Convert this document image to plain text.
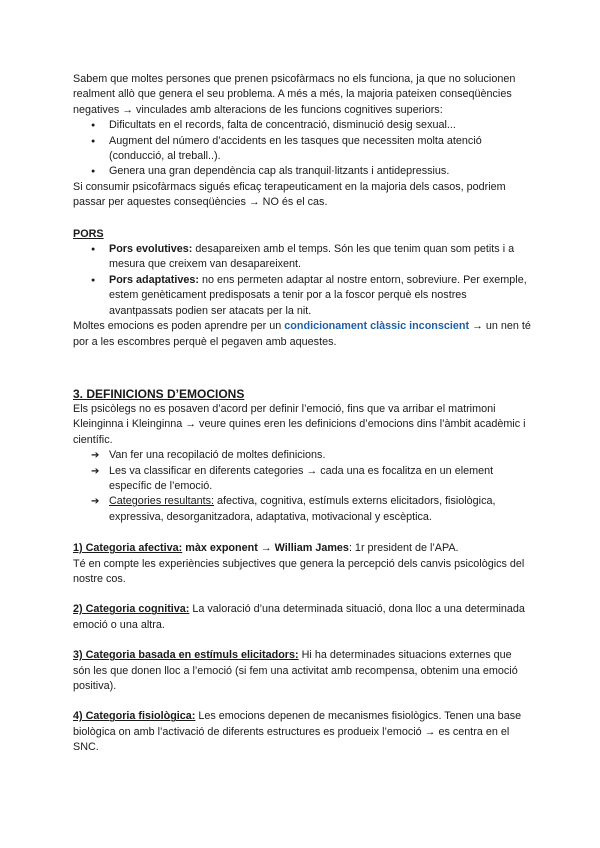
Sabem que moltes persones que prenen psicofàrmacs no els funciona, ja que no solucionen realment allò que genera el seu problema. A més a més, la majoria pateixen conseqüències negatives → vinculades amb alteracions de les funcions cognitives superiors:

● Dificultats en el records, falta de concentració, disminució desig sexual...
● Augment del número d’accidents en les tasques que necessiten molta atenció (conducció, al treball..).
● Genera una gran dependència cap als tranquil·litzants i antidepressius.

Si consumir psicofàrmacs sigués eficaç terapeuticament en la majoria dels casos, podriem passar per aquestes conseqüències → NO és el cas.

PORS

● Pors evolutives: desapareixen amb el temps. Són les que tenim quan som petits i a mesura que creixem van desapareixent.
● Pors adaptatives: no ens permeten adaptar al nostre entorn, sobreviure. Per exemple, estem genèticament predisposats a tenir por a la foscor perquè els nostres avantpassats podien ser atacats per la nit.

Moltes emocions es poden aprendre per un condicionament clàssic inconscient → un nen té por a les escombres perquè el pegaven amb aquestes.

3. DEFINICIONS D’EMOCIONS

Els psicòlegs no es posaven d’acord per definir l’emoció, fins que va arribar el matrimoni Kleinginna i Kleinginna → veure quines eren les definicions d’emocions dins l’àmbit acadèmic i científic.

➔ Van fer una recopilació de moltes definicions.
➔ Les va classificar en diferents categories → cada una es focalitza en un element específic de l’emoció.
➔ Categories resultants: afectiva, cognitiva, estímuls externs elicitadors, fisiològica, expressiva, desorganitzadora, adaptativa, motivacional y escèptica.

1) Categoria afectiva: màx exponent → William James: 1r president de l’APA.

Té en compte les experiències subjectives que genera la percepció dels canvis psicològics del nostre cos.

2) Categoria cognitiva: La valoració d’una determinada situació, dona lloc a una determinada emoció o una altra.

3) Categoria basada en estímuls elicitadors: Hi ha determinades situacions externes que són les que donen lloc a l’emoció (si fem una activitat amb recompensa, obtenim una emoció positiva).

4) Categoria fisiològica: Les emocions depenen de mecanismes fisiològics. Tenen una base biològica on amb l’activació de diferents estructures es produeix l’emoció → es centra en el SNC.
